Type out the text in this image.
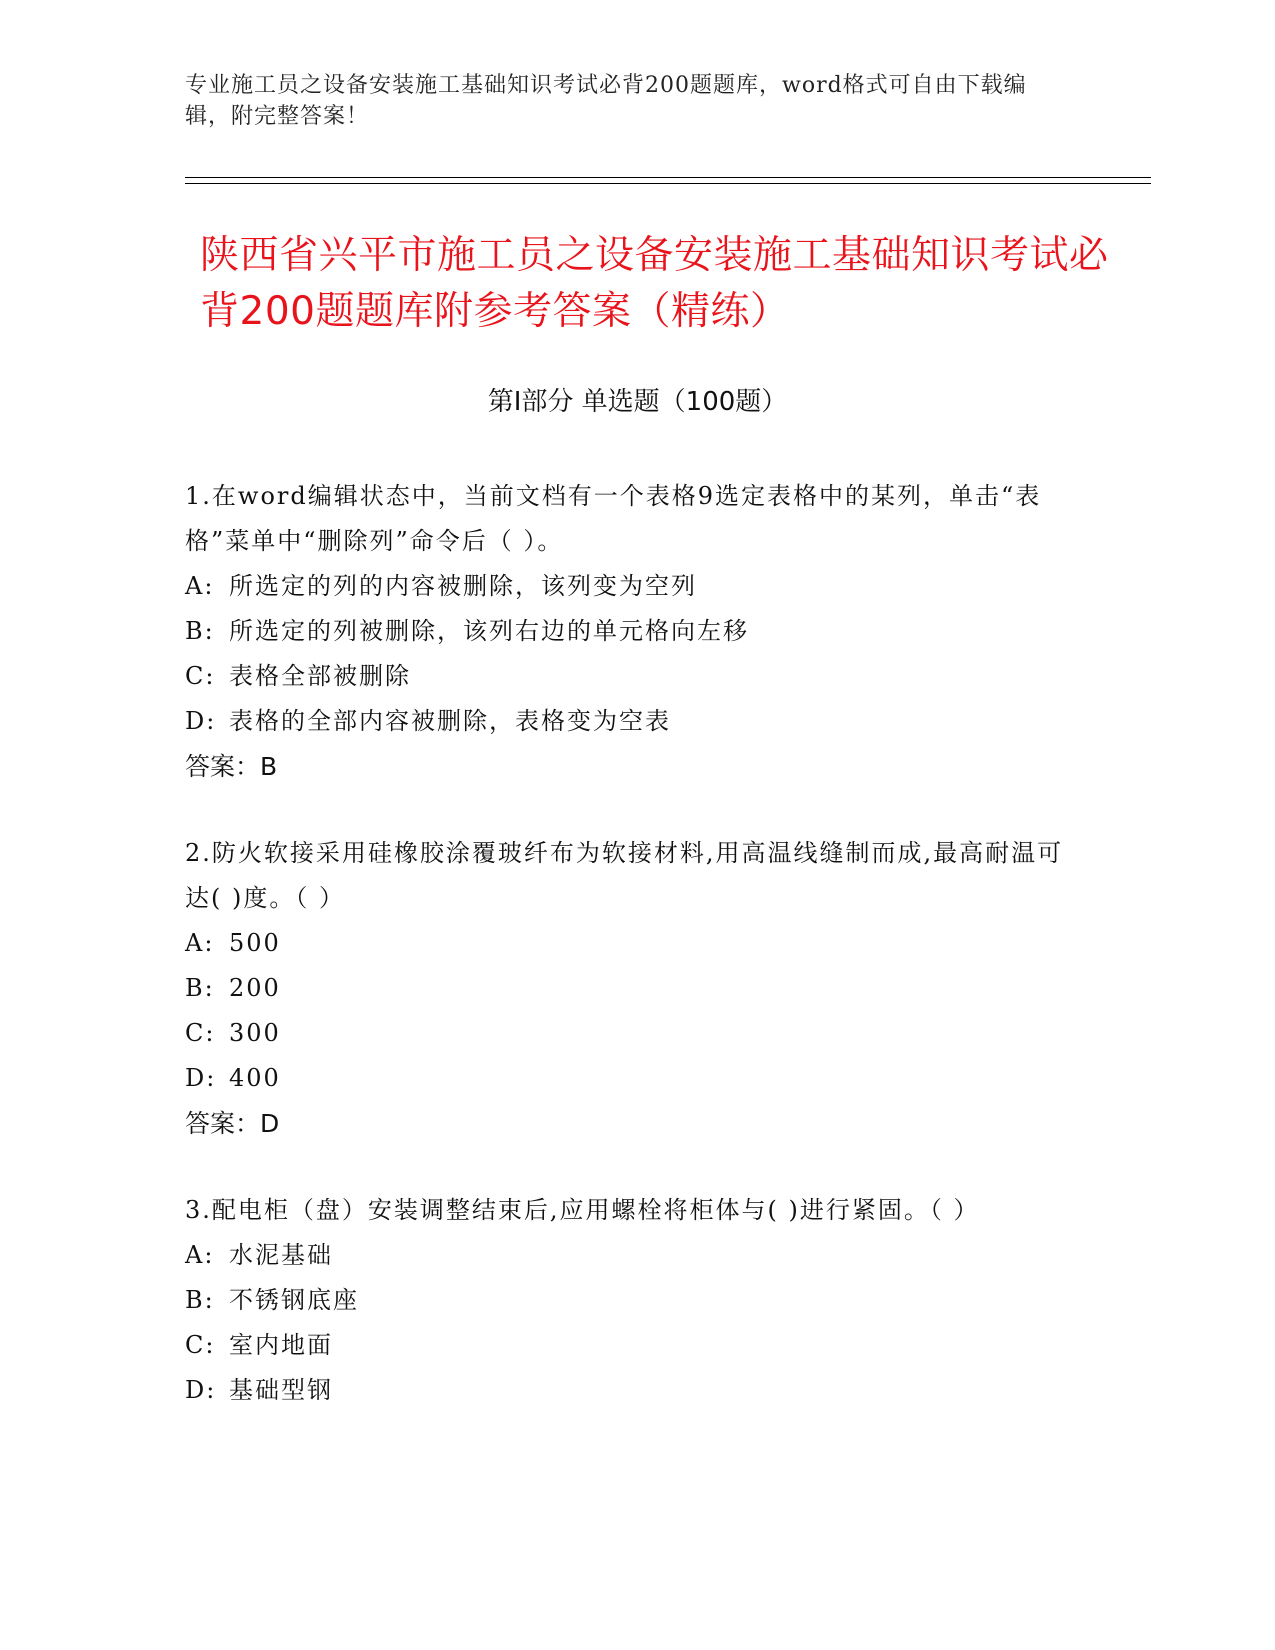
专业施工员之设备安装施工基础知识考试必背200题题库，word格式可自由下载编辑，附完整答案！
陕西省兴平市施工员之设备安装施工基础知识考试必背200题题库附参考答案（精练）
第Ⅰ部分 单选题（100题）

1.在word编辑状态中，当前文档有一个表格9选定表格中的某列，单击“表格”菜单中“删除列”命令后（ ）。

A: 所选定的列的内容被删除，该列变为空列
B: 所选定的列被删除，该列右边的单元格向左移
C: 表格全部被删除
D: 表格的全部内容被删除，表格变为空表
答案：B

2.防火软接采用硅橡胶涂覆玻纤布为软接材料,用高温线缝制而成,最高耐温可达( )度。（ ）

A: 500
B: 200
C: 300
D: 400
答案：D

3.配电柜（盘）安装调整结束后,应用螺栓将柜体与( )进行紧固。（ ）

A: 水泥基础
B: 不锈钢底座
C: 室内地面
D: 基础型钢
